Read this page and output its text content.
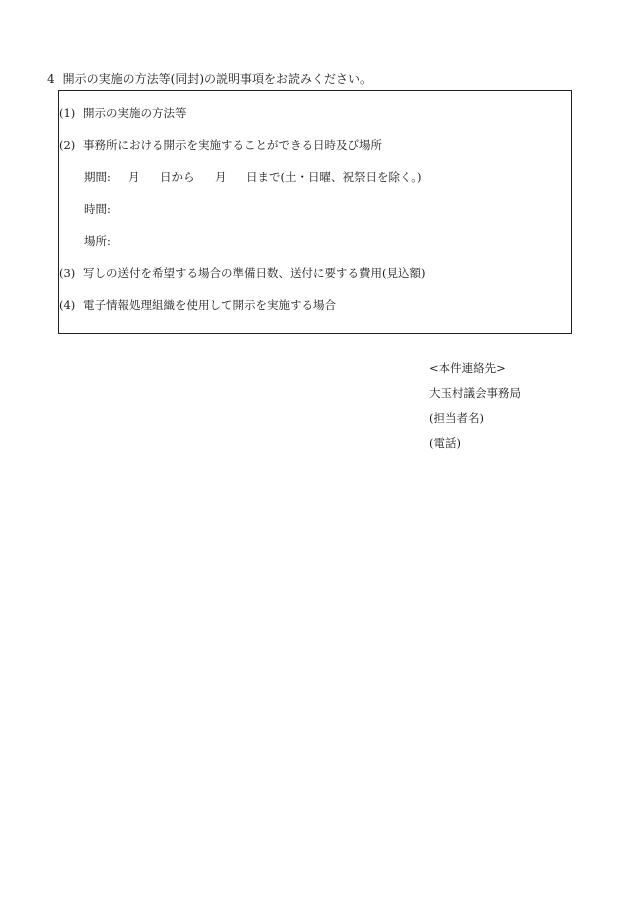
4 開示の実施の方法等(同封)の説明事項をお読みください。
(1) 開示の実施の方法等
(2) 事務所における開示を実施することができる日時及び場所
期間: 月 日から 月 日まで(土・日曜、祝祭日を除く。)
時間:
場所:
(3) 写しの送付を希望する場合の準備日数、送付に要する費用(見込額)
(4) 電子情報処理組織を使用して開示を実施する場合
<本件連絡先>
大玉村議会事務局
(担当者名)
(電話)
